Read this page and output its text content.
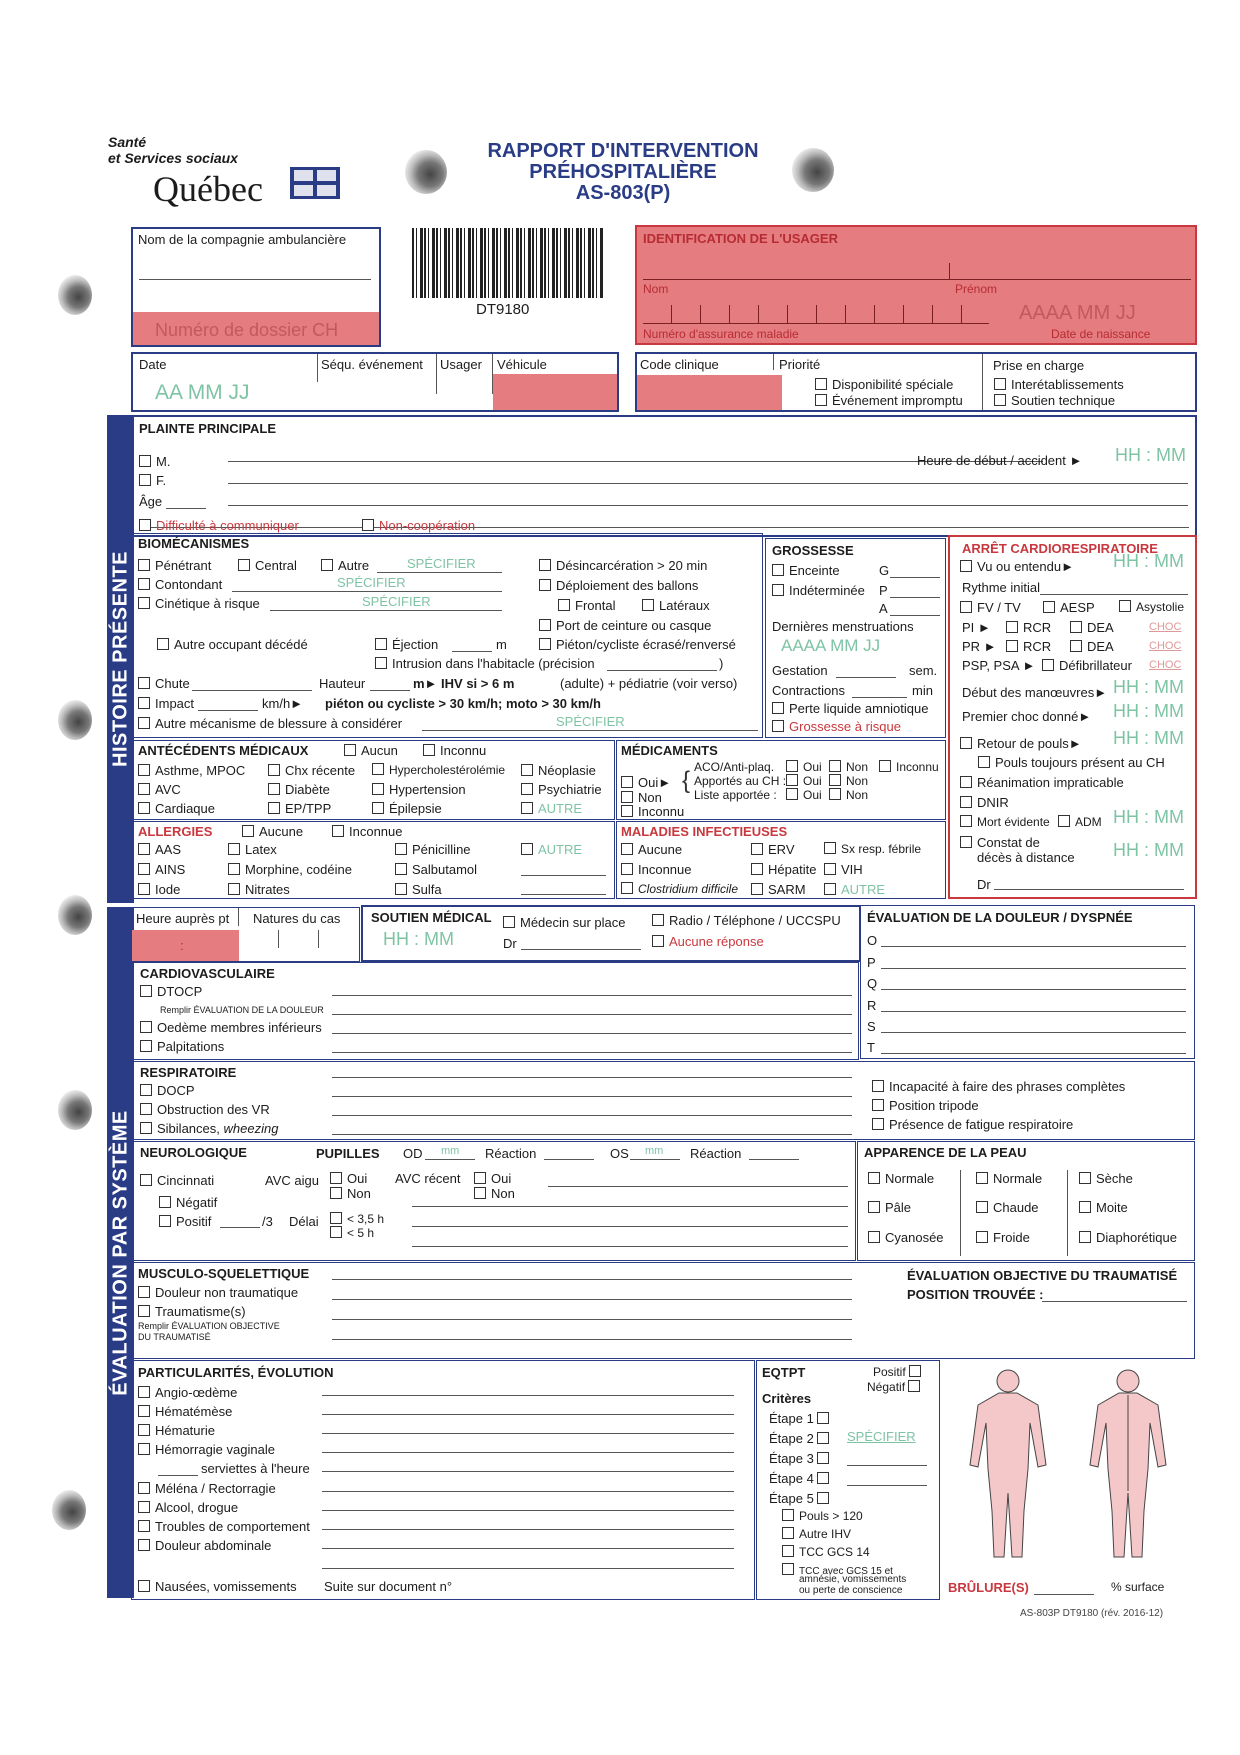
Santé
et Services sociaux
Québec
RAPPORT D'INTERVENTION
PRÉHOSPITALIÈRE
AS-803(P)
Nom de la compagnie ambulancière
Numéro de dossier CH
DT9180
IDENTIFICATION DE L'USAGER
Nom	Prénom
AAAA MM JJ
Numéro d'assurance maladie	Date de naissance
Date	Séqu. événement Usager Véhicule
AA MM JJ
Code clinique	Priorité
Disponibilité spéciale
Événement impromptu
Prise en charge
Interétablissements
Soutien technique
HISTOIRE PRÉSENTE
ÉVALUATION PAR SYSTÈME
PLAINTE PRINCIPALE
M.
F.
Âge
Heure de début / accident ► HH : MM
Difficulté à communiquer	Non-coopération
BIOMÉCANISMES
Pénétrant	Central	Autre	SPÉCIFIER
Contondant	SPÉCIFIER
Cinétique à risque	SPÉCIFIER
Autre occupant décédé	Éjection	m
Intrusion dans l'habitacle (précision	)
Désincarcération > 20 min
Déploiement des ballons
Frontal	Latéraux
Port de ceinture ou casque
Piéton/cycliste écrasé/renversé
Chute	Hauteur	m► IHV si > 6 m	(adulte) + pédiatrie (voir verso)
Impact	km/h► piéton ou cycliste > 30 km/h; moto > 30 km/h
Autre mécanisme de blessure à considérer	SPÉCIFIER
GROSSESSE
Enceinte	G
Indéterminée P
A
Dernières menstruations
AAAA MM JJ
Gestation	sem.
Contractions	min
Perte liquide amniotique
Grossesse à risque
ARRÊT CARDIORESPIRATOIRE
Vu ou entendu► HH : MM
Rythme initial
FV / TV	AESP	Asystolie
PI ►	RCR	DEA	CHOC
PR ►	RCR	DEA	CHOC
PSP, PSA ►	Défibrillateur CHOC
Début des manœuvres► HH : MM
Premier choc donné► HH : MM
Retour de pouls► HH : MM
Pouls toujours présent au CH
Réanimation impraticable
DNIR
Mort évidente	ADM HH : MM
Constat de
décès à distance HH : MM
Dr
ANTÉCÉDENTS MÉDICAUX	Aucun	Inconnu
Asthme, MPOC	Chx récente	Hypercholestérolémie	Néoplasie
AVC	Diabète	Hypertension	Psychiatrie
Cardiaque	EP/TPP	Épilepsie	AUTRE
MÉDICAMENTS
Oui►
Non
Inconnu
{ ACO/Anti-plaq.
Apportés au CH :
Liste apportée :
Oui	Non	Inconnu
Oui	Non
Oui	Non
ALLERGIES	Aucune	Inconnue
AAS	Latex	Pénicilline	AUTRE
AINS	Morphine, codéine	Salbutamol
Iode	Nitrates	Sulfa
MALADIES INFECTIEUSES
Aucune	ERV	Sx resp. fébrile
Inconnue	Hépatite	VIH
Clostridium difficile	SARM	AUTRE
Heure auprès pt Natures du cas
:
SOUTIEN MÉDICAL	Médecin sur place	Radio / Téléphone / UCCSPU
HH : MM	Dr	Aucune réponse
ÉVALUATION DE LA DOULEUR / DYSPNÉE
O
P
Q
R
S
T
CARDIOVASCULAIRE
DTOCP
Remplir ÉVALUATION DE LA DOULEUR
Oedème membres inférieurs
Palpitations
RESPIRATOIRE
DOCP
Obstruction des VR
Sibilances, wheezing
Incapacité à faire des phrases complètes
Position tripode
Présence de fatigue respiratoire
NEUROLOGIQUE	PUPILLES OD mm Réaction	OS mm Réaction
Cincinnati	AVC aigu	Oui
Non
AVC récent	Oui
Non
Négatif
Positif	/3 Délai	< 3,5 h
< 5 h
APPARENCE DE LA PEAU
Normale	Normale	Sèche
Pâle	Chaude	Moite
Cyanosée	Froide	Diaphorétique
MUSCULO-SQUELETTIQUE
Douleur non traumatique
Traumatisme(s)
Remplir ÉVALUATION OBJECTIVE
DU TRAUMATISÉ
ÉVALUATION OBJECTIVE DU TRAUMATISÉ
POSITION TROUVÉE :
PARTICULARITÉS, ÉVOLUTION
Angio-œdème
Hématémèse
Hématurie
Hémorragie vaginale
serviettes à l'heure
Méléna / Rectorragie
Alcool, drogue
Troubles de comportement
Douleur abdominale
Nausées, vomissements Suite sur document n°
EQTPT	Positif
Négatif
Critères
Étape 1
Étape 2	SPÉCIFIER
Étape 3
Étape 4
Étape 5
Pouls > 120
Autre IHV
TCC GCS 14
TCC avec GCS 15 et
amnésie, vomissements
ou perte de conscience	BRÛLURE(S)	% surface
AS-803P DT9180 (rév. 2016-12)
